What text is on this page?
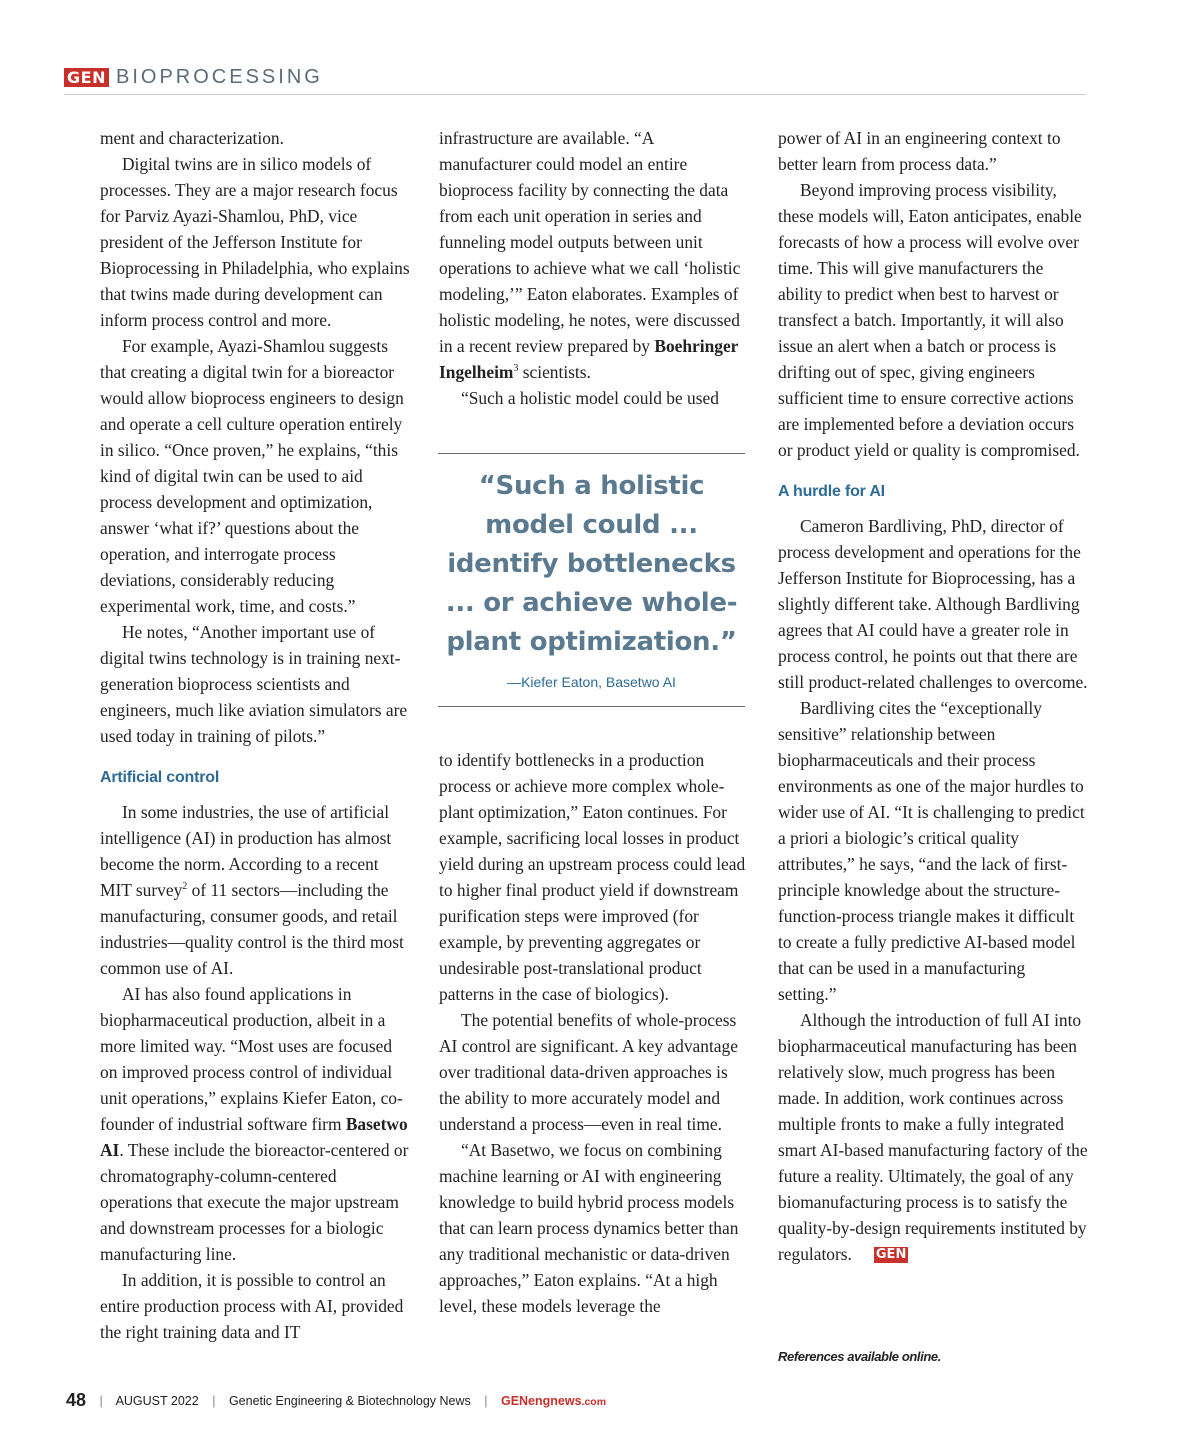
GEN BIOPROCESSING

ment and characterization.

Digital twins are in silico models of processes. They are a major research focus for Parviz Ayazi-Shamlou, PhD, vice president of the Jefferson Institute for Bioprocessing in Philadelphia, who explains that twins made during development can inform process control and more.

For example, Ayazi-Shamlou suggests that creating a digital twin for a bioreactor would allow bioprocess engineers to design and operate a cell culture operation entirely in silico. “Once proven,” he explains, “this kind of digital twin can be used to aid process development and optimization, answer ‘what if?’ questions about the operation, and interrogate process deviations, considerably reducing experimental work, time, and costs.”

He notes, “Another important use of digital twins technology is in training next-generation bioprocess scientists and engineers, much like aviation simulators are used today in training of pilots.”

Artificial control

In some industries, the use of artificial intelligence (AI) in production has almost become the norm. According to a recent MIT survey$^2$ of 11 sectors—including the manufacturing, consumer goods, and retail industries—quality control is the third most common use of AI.

AI has also found applications in biopharmaceutical production, albeit in a more limited way. “Most uses are focused on improved process control of individual unit operations,” explains Kiefer Eaton, co-founder of industrial software firm Basetwo AI. These include the bioreactor-centered or chromatography-column-centered operations that execute the major upstream and downstream processes for a biologic manufacturing line.

In addition, it is possible to control an entire production process with AI, provided the right training data and IT

infrastructure are available. “A manufacturer could model an entire bioprocess facility by connecting the data from each unit operation in series and funneling model outputs between unit operations to achieve what we call ‘holistic modeling,’” Eaton elaborates. Examples of holistic modeling, he notes, were discussed in a recent review prepared by Boehringer Ingelheim$^3$ scientists.

“Such a holistic model could be used

“Such a holistic model could ... identify bottlenecks ... or achieve whole-plant optimization.”
—Kiefer Eaton, Basetwo AI

to identify bottlenecks in a production process or achieve more complex whole-plant optimization,” Eaton continues. For example, sacrificing local losses in product yield during an upstream process could lead to higher final product yield if downstream purification steps were improved (for example, by preventing aggregates or undesirable post-translational product patterns in the case of biologics).

The potential benefits of whole-process AI control are significant. A key advantage over traditional data-driven approaches is the ability to more accurately model and understand a process—even in real time.

“At Basetwo, we focus on combining machine learning or AI with engineering knowledge to build hybrid process models that can learn process dynamics better than any traditional mechanistic or data-driven approaches,” Eaton explains. “At a high level, these models leverage the

power of AI in an engineering context to better learn from process data.”

Beyond improving process visibility, these models will, Eaton anticipates, enable forecasts of how a process will evolve over time. This will give manufacturers the ability to predict when best to harvest or transfect a batch. Importantly, it will also issue an alert when a batch or process is drifting out of spec, giving engineers sufficient time to ensure corrective actions are implemented before a deviation occurs or product yield or quality is compromised.

A hurdle for AI

Cameron Bardliving, PhD, director of process development and operations for the Jefferson Institute for Bioprocessing, has a slightly different take. Although Bardliving agrees that AI could have a greater role in process control, he points out that there are still product-related challenges to overcome.

Bardliving cites the “exceptionally sensitive” relationship between biopharmaceuticals and their process environments as one of the major hurdles to wider use of AI. “It is challenging to predict a priori a biologic’s critical quality attributes,” he says, “and the lack of first-principle knowledge about the structure-function-process triangle makes it difficult to create a fully predictive AI-based model that can be used in a manufacturing setting.”

Although the introduction of full AI into biopharmaceutical manufacturing has been relatively slow, much progress has been made. In addition, work continues across multiple fronts to make a fully integrated smart AI-based manufacturing factory of the future a reality. Ultimately, the goal of any biomanufacturing process is to satisfy the quality-by-design requirements instituted by regulators. GEN

References available online.
48 | AUGUST 2022 | Genetic Engineering & Biotechnology News | GENengnews.com
